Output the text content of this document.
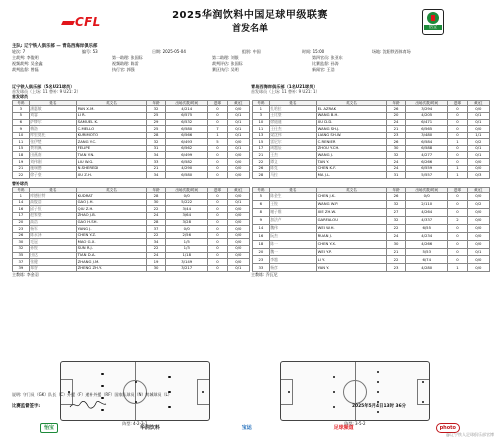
CFL	2025华润饮料中国足球甲级联赛
首发名单	怡宝
主队: 辽宁铁人俱乐部 — 青岛西海岸俱乐部
轮次: 7	编号: 53	日期: 2025-05-04	组别: 中国	时间: 15:00	场地: 沈阳铁西体育场
主裁判: 李俊明	第一助理: 张国际	第二助理: 刘银	第四官员: 张亚东
视频裁判: 吴金鑫	视频助理: 陈雷	裁判评估: 张国际	比赛监督: 孙涛
裁判监督: 曾磊	执行官: 郭强	赛区执行: 吴明	新闻官: 王浩
辽宁铁人俱乐部（5名U21球员）	青岛西海岸俱乐部（1名U21球员）
首发球员（上场: 11 替补: 9 U21: 2）	首发球员（上场: 11 替补: 9 U21: 1）
首发球员
号码	姓名	英文名	年龄	出场次数/时间	进球	黄/红
3	潘惠敏	PAN X.M.	32	4/214	0	0/0
5	刘睿	LI R.	25	6/575	0	0/1
6	萨缪尔	SAMUEL K.	29	6/532	0	0/1
9	梅洛	C.MELLO	25	6/580	7	0/1
10	库里莫托	KURIMOTO	28	6/566	1	0/1
11	张伊楚	ZANG Y.C.	32	6/493	5	0/0
15	费利佩	FELIPE	31	6/562	0	0/1
18	田燕南	TIAN Y.N.	34	6/499	0	0/0
19	刘伟刚	LIU W.G.	33	6/582	0	0/0
21	施瑞德	N.SHEREDI	21	4/290	0	0/0
22	徐子豪	XU Z.H.	34	6/580	0	0/0
号码	姓名	英文名	年龄	出场次数/时间	进球	黄/红
1	扎哈拉	EL AZRAK	26	3/294	0	0/0
3	王比豪	WANG B.H.	20	4/205	0	0/1
10	徐迪迪	XU D.D.	24	6/471	0	0/1
11	王仕杰	WANG SH.J.	21	6/565	0	0/0
13	梁沈伟	LIANG SH.W.	23	3/480	0	1/1
15	雷尼尔	C.RENIER	26	6/584	1	0/2
17	周越辰	ZHOU Y.CH.	30	6/588	0	0/1
21	王杰	WANG J.	32	4/277	0	0/1
22	谭义	TAN Y.	24	6/266	0	0/0
26	陈克	CHEN K.F.	24	6/559	1	0/0
28	马拉	MA J.L.	31	5/557	1	0/3
替补球员
号码	姓名	英文名	年龄	出场次数/时间	进球	黄/红
1	库德拉特	KUDRAT	28	0/0	0	0/0
14	高俊浩	GAO J.H.	30	5/222	0	0/1
16	邱子恒	QIU Z.H.	22	3/44	0	0/0
17	赵家豪	ZHAO J.B.	24	3/64	0	0/0
20	高浩	GAO H.SH.	28	3/28	0	0/0
23	杨军	YANG J.	37	0/0	0	0/0
26	陈永泽	CHEN Y.Z.	22	2/56	0	0/0
30	毛冠	MAO G.X.	34	1/5	0	0/0
32	孙锐	SUN R.J.	22	1/3	0	0/0
35	田达	TIAN D.A.	24	1/18	0	0/0
37	张健	ZHANG J.M.	19	3/149	0	0/0
39	郑智	ZHENG ZH.Y.	30	3/217	0	0/1
号码	姓名	英文名	年龄	出场次数/时间	进球	黄/红
5	陈金生	CHEN J.K.	26	0/0	0	0/0
6	王锐	WANG W.P.	32	2/110	0	0/2
8	谢子维	XIE ZH.W.	27	4/264	0	0/0
9	加法卢	GARFALOU	32	4/337	2	0/0
14	魏伟	WEI W.H.	22	6/55	0	0/0
16	阮杰	RUAN J.	24	4/234	0	0/0
18	陈一	CHEN Y.X.	30	4/266	0	0/0
20	魏一	WEI Y.P.	21	5/53	0	0/1
23	李越	LI Y.	22	6/74	0	0/0
33	杨彦	YAN Y.	23	4/280	1	0/0
主教练: 李金羽	主教练: 乔瓦尼
阵型: 4-2-3-1	阵型: 3-5-2
说明: 守门员（GK）队长（C）外援（F）递补外援（RF）国家队球员（N）跨城球员（L）
比赛监督签字:	2025年5月4日13时 36分
怡宝	华润饮料	宝运	足球频道	photo
@辽宁铁人足球俱乐部官博
